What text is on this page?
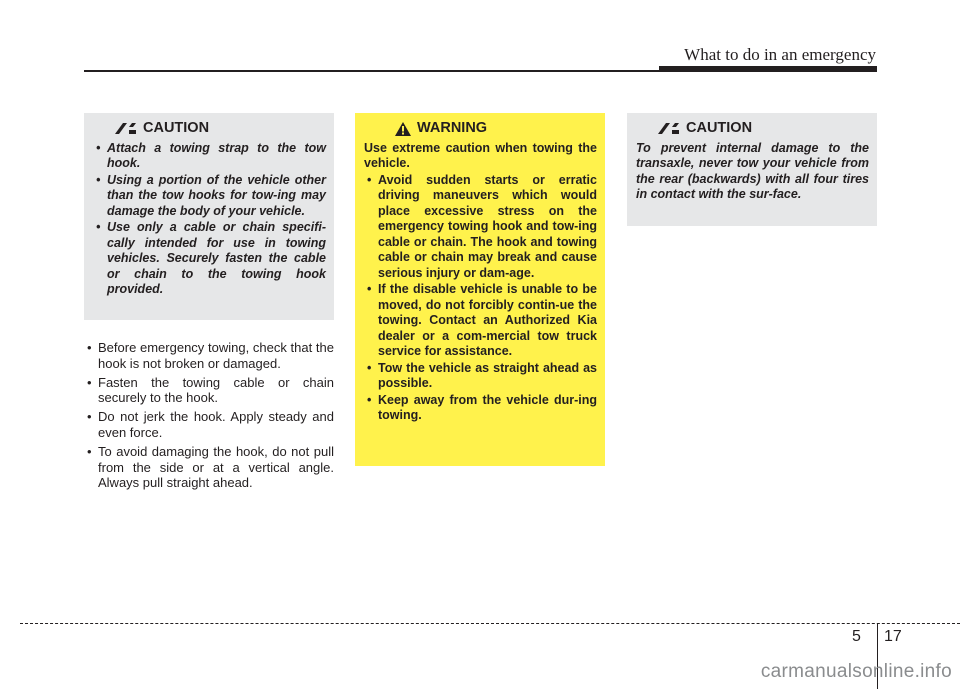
What to do in an emergency
CAUTION
• Attach a towing strap to the tow hook.
• Using a portion of the vehicle other than the tow hooks for tow-ing may damage the body of your vehicle.
• Use only a cable or chain specifi-cally intended for use in towing vehicles. Securely fasten the cable or chain to the towing hook provided.
• Before emergency towing, check that the hook is not broken or damaged.
• Fasten the towing cable or chain securely to the hook.
• Do not jerk the hook. Apply steady and even force.
• To avoid damaging the hook, do not pull from the side or at a vertical angle. Always pull straight ahead.
WARNING

Use extreme caution when towing the vehicle.

• Avoid sudden starts or erratic driving maneuvers which would place excessive stress on the emergency towing hook and tow-ing cable or chain. The hook and towing cable or chain may break and cause serious injury or dam-age.
• If the disable vehicle is unable to be moved, do not forcibly contin-ue the towing. Contact an Authorized Kia dealer or a com-mercial tow truck service for assistance.
• Tow the vehicle as straight ahead as possible.
• Keep away from the vehicle dur-ing towing.
CAUTION

To prevent internal damage to the transaxle, never tow your vehicle from the rear (backwards) with all four tires in contact with the sur-face.

5 17
carmanualsonline.info
